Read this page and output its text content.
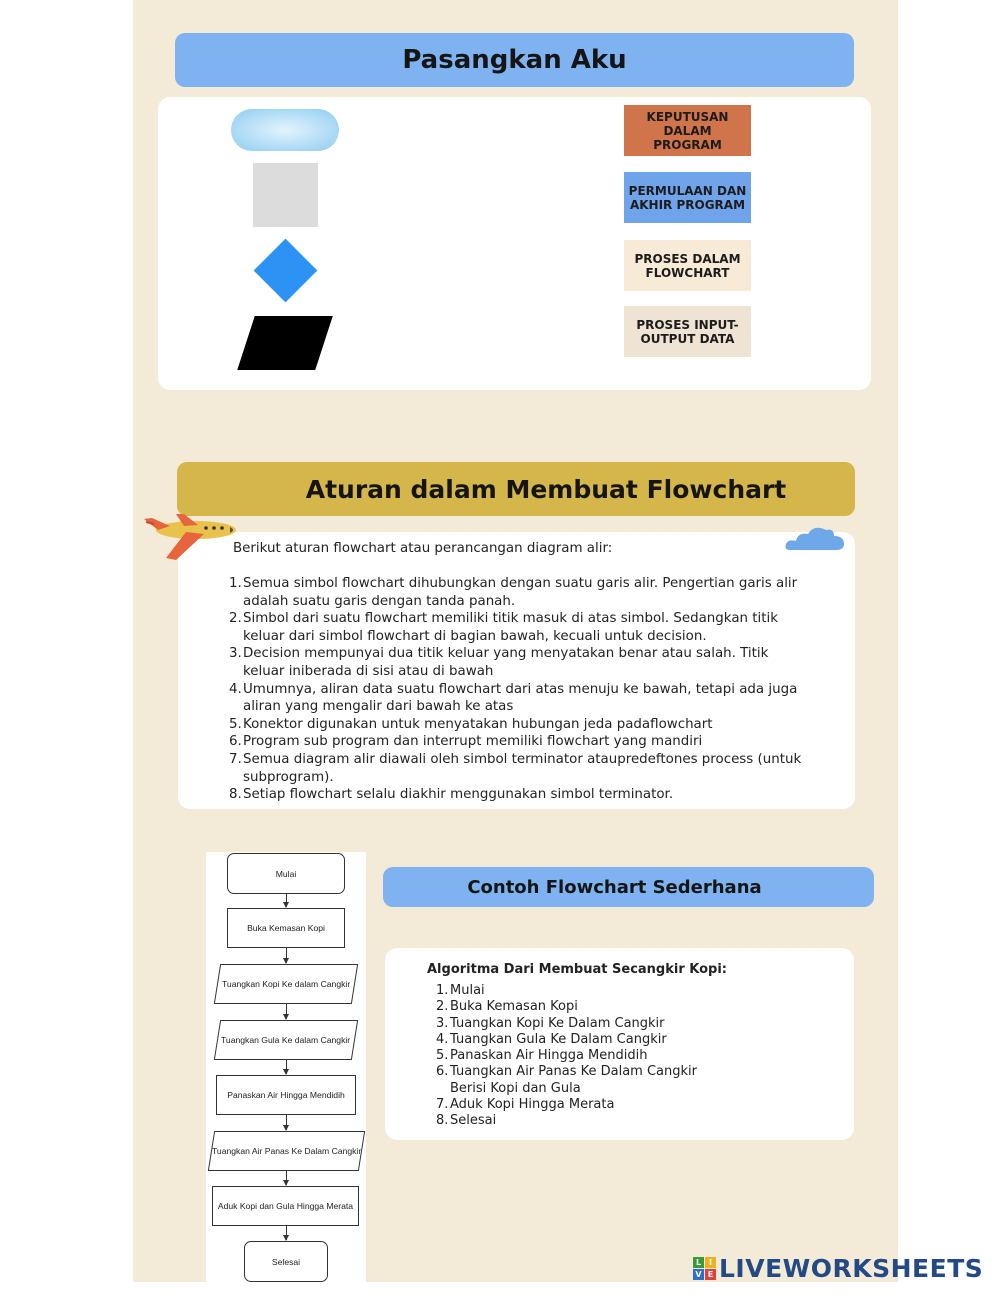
Pasangkan Aku
KEPUTUSAN DALAM PROGRAM
PERMULAAN DAN AKHIR PROGRAM
PROSES DALAM FLOWCHART
PROSES INPUT-OUTPUT DATA
Aturan dalam Membuat Flowchart
Berikut aturan flowchart atau perancangan diagram alir:
1. Semua simbol flowchart dihubungkan dengan suatu garis alir. Pengertian garis alir
adalah suatu garis dengan tanda panah.
2. Simbol dari suatu flowchart memiliki titik masuk di atas simbol. Sedangkan titik
keluar dari simbol flowchart di bagian bawah, kecuali untuk decision.
3. Decision mempunyai dua titik keluar yang menyatakan benar atau salah. Titik
keluar iniberada di sisi atau di bawah
4. Umumnya, aliran data suatu flowchart dari atas menuju ke bawah, tetapi ada juga
aliran yang mengalir dari bawah ke atas
5. Konektor digunakan untuk menyatakan hubungan jeda padaflowchart
6. Program sub program dan interrupt memiliki flowchart yang mandiri
7. Semua diagram alir diawali oleh simbol terminator ataupredeftones process (untuk
subprogram).
8. Setiap flowchart selalu diakhir menggunakan simbol terminator.
Mulai
Buka Kemasan Kopi
Tuangkan Kopi Ke dalam Cangkir
Tuangkan Gula Ke dalam Cangkir
Panaskan Air Hingga Mendidih
Tuangkan Air Panas Ke Dalam Cangkir
Aduk Kopi dan Gula Hingga Merata
Selesai
Contoh Flowchart Sederhana
Algoritma Dari Membuat Secangkir Kopi:
1. Mulai
2. Buka Kemasan Kopi
3. Tuangkan Kopi Ke Dalam Cangkir
4. Tuangkan Gula Ke Dalam Cangkir
5. Panaskan Air Hingga Mendidih
6. Tuangkan Air Panas Ke Dalam Cangkir
Berisi Kopi dan Gula
7. Aduk Kopi Hingga Merata
8. Selesai
L I
V E LIVEWORKSHEETS
